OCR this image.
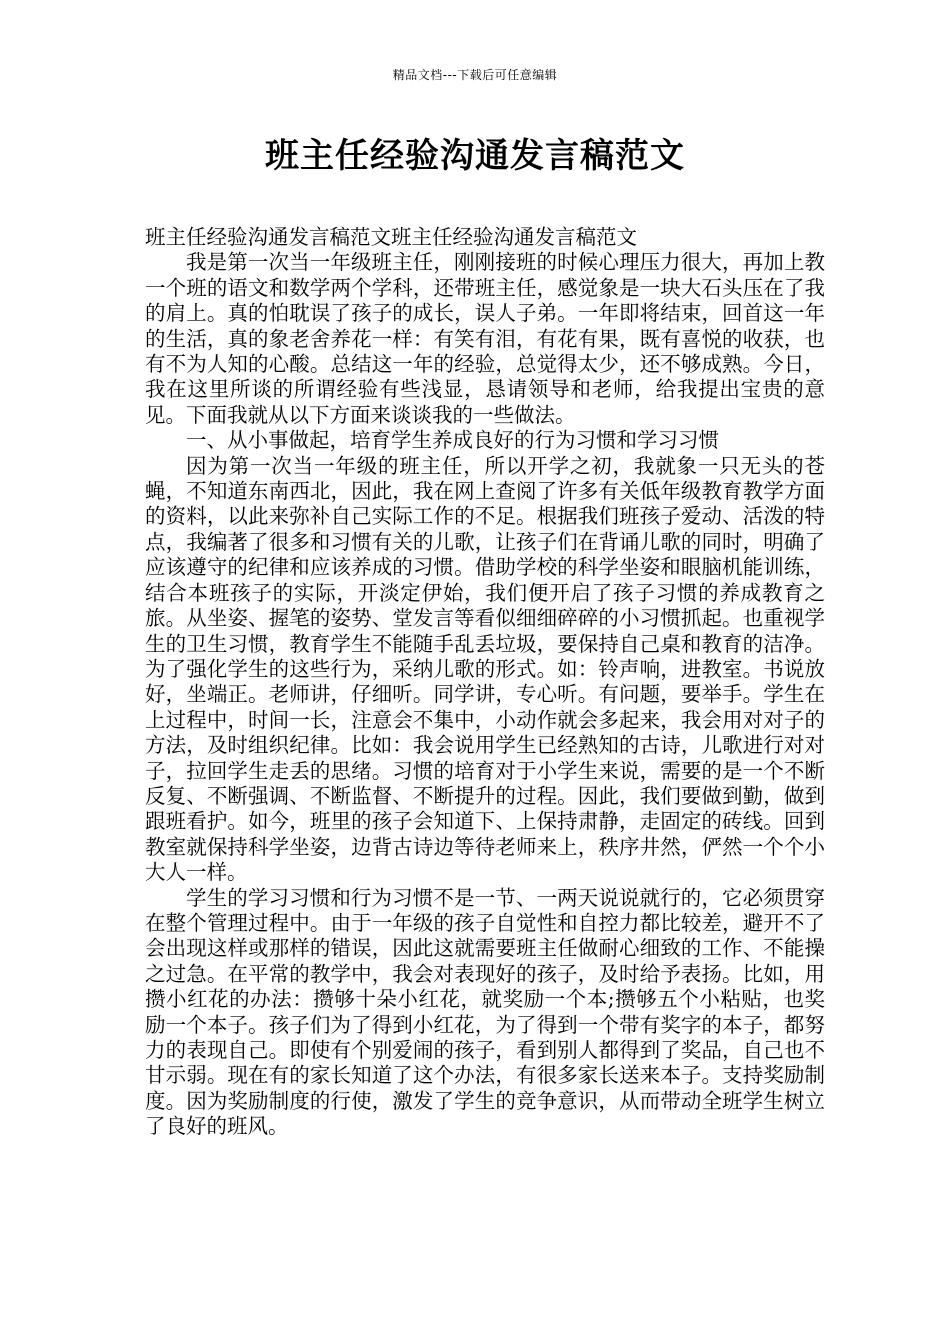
精品文档---下载后可任意编辑
班主任经验沟通发言稿范文

班主任经验沟通发言稿范文班主任经验沟通发言稿范文

我是第一次当一年级班主任，刚刚接班的时候心理压力很大，再加上教一个班的语文和数学两个学科，还带班主任，感觉象是一块大石头压在了我的肩上。真的怕耽误了孩子的成长，误人子弟。一年即将结束，回首这一年的生活，真的象老舍养花一样：有笑有泪，有花有果，既有喜悦的收获，也有不为人知的心酸。总结这一年的经验，总觉得太少，还不够成熟。今日，我在这里所谈的所谓经验有些浅显，恳请领导和老师，给我提出宝贵的意见。下面我就从以下方面来谈谈我的一些做法。

一、从小事做起，培育学生养成良好的行为习惯和学习习惯

因为第一次当一年级的班主任，所以开学之初，我就象一只无头的苍蝇，不知道东南西北，因此，我在网上查阅了许多有关低年级教育教学方面的资料，以此来弥补自己实际工作的不足。根据我们班孩子爱动、活泼的特点，我编著了很多和习惯有关的儿歌，让孩子们在背诵儿歌的同时，明确了应该遵守的纪律和应该养成的习惯。借助学校的科学坐姿和眼脑机能训练，结合本班孩子的实际，开淡定伊始，我们便开启了孩子习惯的养成教育之旅。从坐姿、握笔的姿势、堂发言等看似细细碎碎的小习惯抓起。也重视学生的卫生习惯，教育学生不能随手乱丢垃圾，要保持自己桌和教育的洁净。为了强化学生的这些行为，采纳儿歌的形式。如：铃声响，进教室。书说放好，坐端正。老师讲，仔细听。同学讲，专心听。有问题，要举手。学生在上过程中，时间一长，注意会不集中，小动作就会多起来，我会用对对子的方法，及时组织纪律。比如：我会说用学生已经熟知的古诗，儿歌进行对对子，拉回学生走丢的思绪。习惯的培育对于小学生来说，需要的是一个不断反复、不断强调、不断监督、不断提升的过程。因此，我们要做到勤，做到跟班看护。如今，班里的孩子会知道下、上保持肃静，走固定的砖线。回到教室就保持科学坐姿，边背古诗边等待老师来上，秩序井然，俨然一个个小大人一样。

学生的学习习惯和行为习惯不是一节、一两天说说就行的，它必须贯穿在整个管理过程中。由于一年级的孩子自觉性和自控力都比较差，避开不了会出现这样或那样的错误，因此这就需要班主任做耐心细致的工作、不能操之过急。在平常的教学中，我会对表现好的孩子，及时给予表扬。比如，用攒小红花的办法：攒够十朵小红花，就奖励一个本;攒够五个小粘贴，也奖励一个本子。孩子们为了得到小红花，为了得到一个带有奖字的本子，都努力的表现自己。即使有个别爱闹的孩子，看到别人都得到了奖品，自己也不甘示弱。现在有的家长知道了这个办法，有很多家长送来本子。支持奖励制度。因为奖励制度的行使，激发了学生的竞争意识，从而带动全班学生树立了良好的班风。
